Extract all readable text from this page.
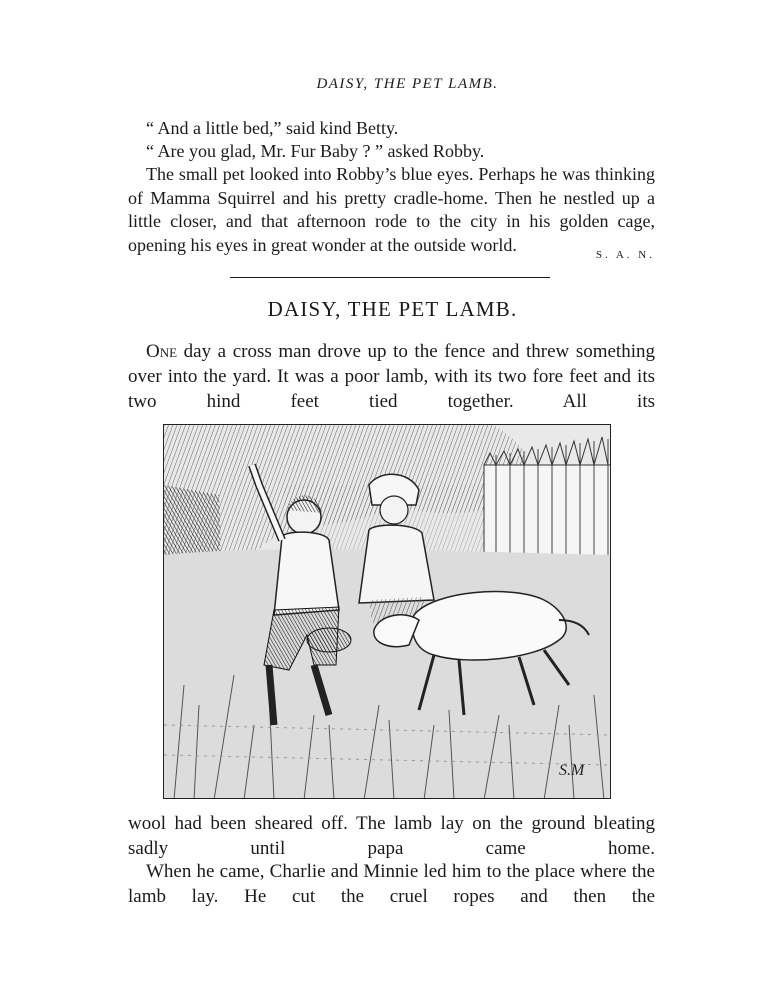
DAISY, THE PET LAMB.

“ And a little bed,” said kind Betty.

“ Are you glad, Mr. Fur Baby ? ” asked Robby.

The small pet looked into Robby’s blue eyes. Perhaps he was thinking of Mamma Squirrel and his pretty cradle-home. Then he nestled up a little closer, and that afternoon rode to the city in his golden cage, opening his eyes in great wonder at the outside world.

S. A. N.
DAISY, THE PET LAMB.

One day a cross man drove up to the fence and threw something over into the yard. It was a poor lamb, with its two fore feet and its two hind feet tied together. All its

S.M

wool had been sheared off. The lamb lay on the ground bleating sadly until papa came home.

When he came, Charlie and Minnie led him to the place where the lamb lay. He cut the cruel ropes and then the
